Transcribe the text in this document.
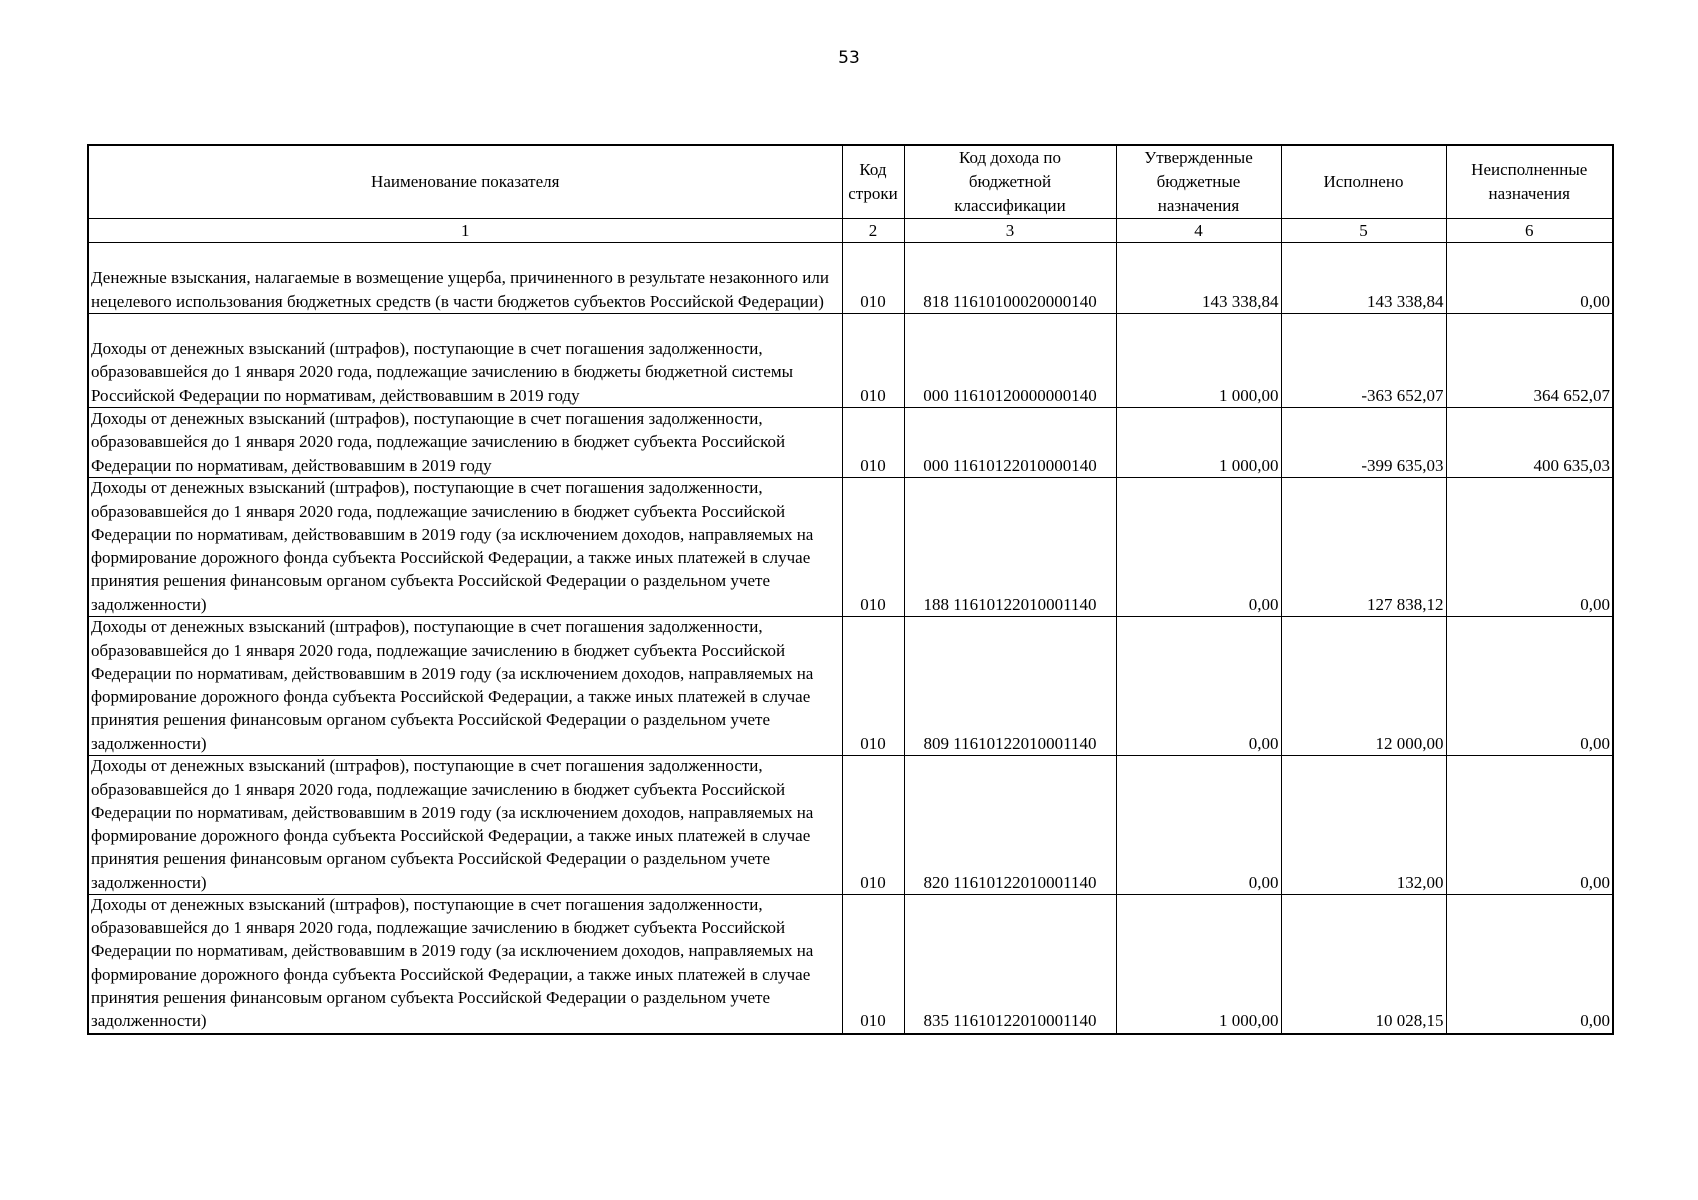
53
Наименование показателя	Код строки	Код дохода по бюджетной классификации	Утвержденные бюджетные назначения	Исполнено	Неисполненные назначения
1	2	3	4	5	6

Денежные взыскания, налагаемые в возмещение ущерба, причиненного в результате незаконного или нецелевого использования бюджетных средств (в части бюджетов субъектов Российской Федерации)	010	818 11610100020000140	143 338,84	143 338,84	0,00

Доходы от денежных взысканий (штрафов), поступающие в счет погашения задолженности, образовавшейся до 1 января 2020 года, подлежащие зачислению в бюджеты бюджетной системы Российской Федерации по нормативам, действовавшим в 2019 году	010	000 11610120000000140	1 000,00	-363 652,07	364 652,07

Доходы от денежных взысканий (штрафов), поступающие в счет погашения задолженности, образовавшейся до 1 января 2020 года, подлежащие зачислению в бюджет субъекта Российской Федерации по нормативам, действовавшим в 2019 году	010	000 11610122010000140	1 000,00	-399 635,03	400 635,03

Доходы от денежных взысканий (штрафов), поступающие в счет погашения задолженности, образовавшейся до 1 января 2020 года, подлежащие зачислению в бюджет субъекта Российской Федерации по нормативам, действовавшим в 2019 году (за исключением доходов, направляемых на формирование дорожного фонда субъекта Российской Федерации, а также иных платежей в случае принятия решения финансовым органом субъекта Российской Федерации о раздельном учете задолженности)	010	188 11610122010001140	0,00	127 838,12	0,00

Доходы от денежных взысканий (штрафов), поступающие в счет погашения задолженности, образовавшейся до 1 января 2020 года, подлежащие зачислению в бюджет субъекта Российской Федерации по нормативам, действовавшим в 2019 году (за исключением доходов, направляемых на формирование дорожного фонда субъекта Российской Федерации, а также иных платежей в случае принятия решения финансовым органом субъекта Российской Федерации о раздельном учете задолженности)	010	809 11610122010001140	0,00	12 000,00	0,00

Доходы от денежных взысканий (штрафов), поступающие в счет погашения задолженности, образовавшейся до 1 января 2020 года, подлежащие зачислению в бюджет субъекта Российской Федерации по нормативам, действовавшим в 2019 году (за исключением доходов, направляемых на формирование дорожного фонда субъекта Российской Федерации, а также иных платежей в случае принятия решения финансовым органом субъекта Российской Федерации о раздельном учете задолженности)	010	820 11610122010001140	0,00	132,00	0,00

Доходы от денежных взысканий (штрафов), поступающие в счет погашения задолженности, образовавшейся до 1 января 2020 года, подлежащие зачислению в бюджет субъекта Российской Федерации по нормативам, действовавшим в 2019 году (за исключением доходов, направляемых на формирование дорожного фонда субъекта Российской Федерации, а также иных платежей в случае принятия решения финансовым органом субъекта Российской Федерации о раздельном учете задолженности)	010	835 11610122010001140	1 000,00	10 028,15	0,00
